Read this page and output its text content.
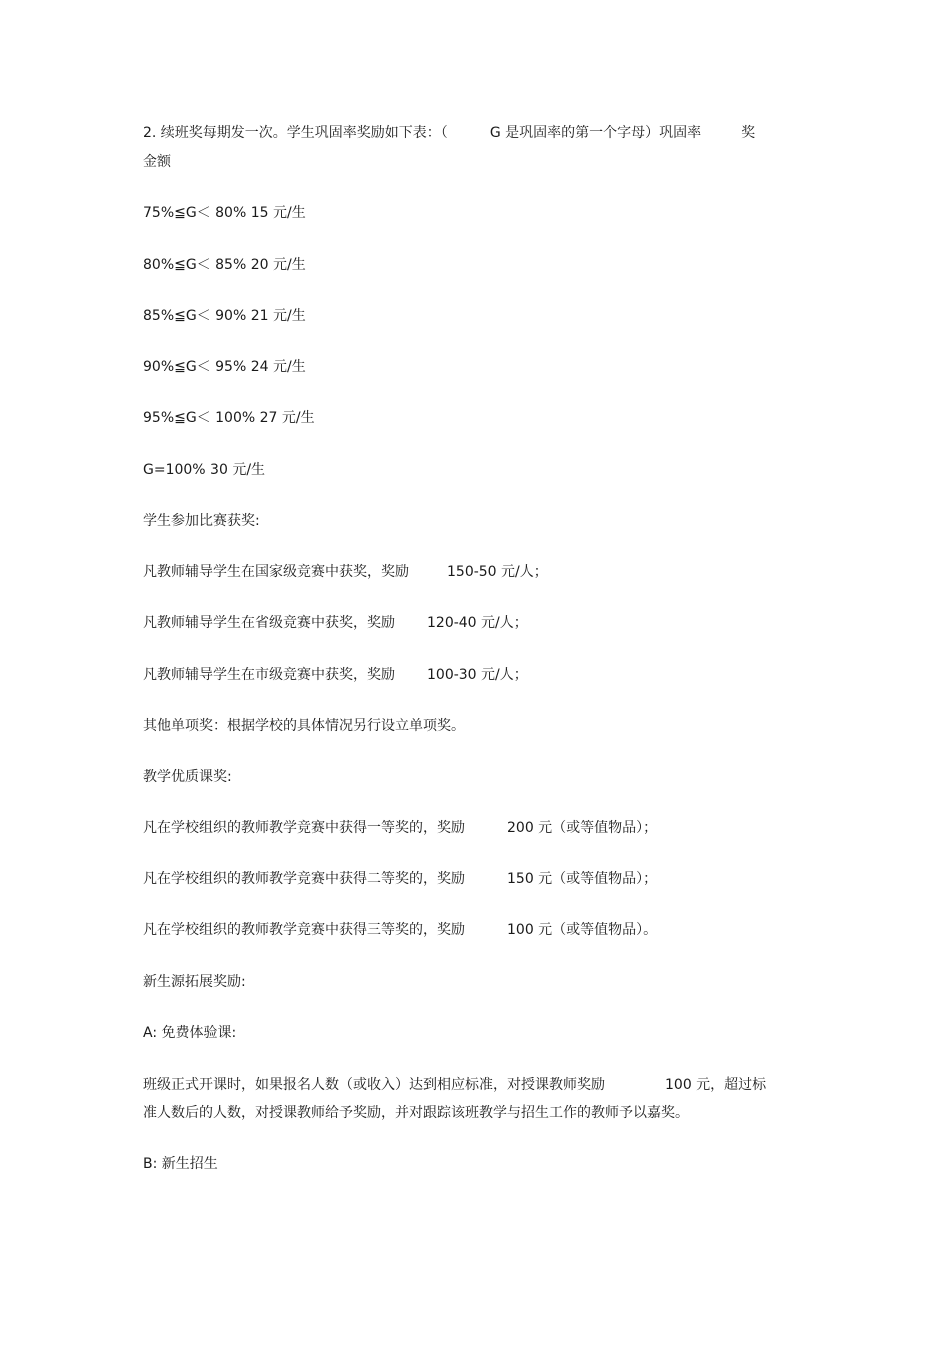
2. 续班奖每期发一次。学生巩固率奖励如下表：（	G 是巩固率的第一个字母）巩固率	奖
金额
75%≦G＜ 80% 15 元/生
80%≦G＜ 85% 20 元/生
85%≦G＜ 90% 21 元/生
90%≦G＜ 95% 24 元/生
95%≦G＜ 100% 27 元/生
G=100% 30 元/生
学生参加比赛获奖:
凡教师辅导学生在国家级竞赛中获奖，奖励	150-50 元/人；
凡教师辅导学生在省级竞赛中获奖，奖励 120-40 元/人；
凡教师辅导学生在市级竞赛中获奖，奖励 100-30 元/人；
其他单项奖：根据学校的具体情况另行设立单项奖。
教学优质课奖:
凡在学校组织的教师教学竞赛中获得一等奖的，奖励	200 元（或等值物品）；
凡在学校组织的教师教学竞赛中获得二等奖的，奖励	150 元（或等值物品）；
凡在学校组织的教师教学竞赛中获得三等奖的，奖励	100 元（或等值物品）。
新生源拓展奖励:
A: 免费体验课:
班级正式开课时，如果报名人数（或收入）达到相应标准，对授课教师奖励	100 元，超过标
准人数后的人数，对授课教师给予奖励，并对跟踪该班教学与招生工作的教师予以嘉奖。
B: 新生招生
